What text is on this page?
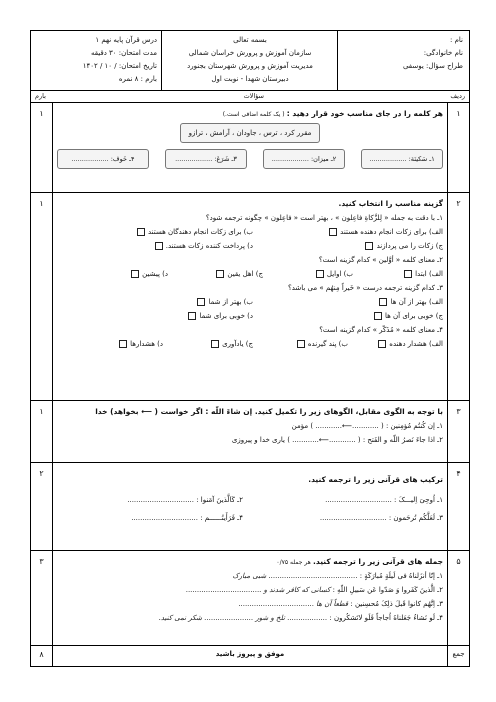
نام :
نام خانوادگی:
طراح سؤال: یوسفی
بسمه تعالی
سازمان آموزش و پرورش خراسان شمالی
مدیریت آموزش و پرورش شهرستان بجنورد
دبیرستان شهدا - نوبت اول
درس قرآن پایه نهم ۱
مدت امتحان: ۳۰ دقیقه
تاریخ امتحان: / ۱۰ / ۱۴۰۲
بارم : ۸ نمره
ردیف
سؤالات
بارم
۱
۱	هر کلمه را در جای مناسب خود قرار دهید : ( یک کلمه اضافی است.)
مقرر کرد ، ترس ، جاودان ، آرامش ، ترازو
۱ـ سَکینَة: ..................
۲ـ میزان: ..................
۳ـ شَرَعَ: ..................
۴ـ خَوف: ..................
۲
۱	گزینه مناسب را انتخاب کنید.
۱ـ با دقت به جمله « لِلزَّکاةِ فاعِلون » ، بهتر است « فاعِلون » چگونه ترجمه شود؟
الف) برای زکات انجام دهنده هستند
ب) برای زکات انجام دهندگان هستند
ج) زکات را می پردازند
د) پرداخت کننده زکات هستند.
۲ـ معنای کلمه « أوَّلین » کدام گزینه است؟
الف) ابتدا
ب) اوایل
ج) اهل یقین
د) پیشین
۳ـ کدام گزینه ترجمه درست « خَیراً مِنهُم » می باشد؟
الف) بهتر از آن ها
ب) بهتر از شما
ج) خوبی برای آن ها
د) خوبی برای شما
۴ـ معنای کلمه « مُذَکّر » کدام گزینه است؟
الف) هشدار دهنده
ب) پند گیرنده
ج) یادآوری
د) هشدارها
۳
۱	با توجه به الگوی مقابل، الگوهای زیر را تکمیل کنید. إن شاءَ اللّه : اگر خواست ( ⟵ بخواهد) خدا
۱ـ إن کُنتُم مُؤمِنین : ( ............⟵............ ) مؤمن
۲ـ اذا جاءَ نَصرُ اللّه و الفَتح : ( ............⟵............ ) یاری خدا و پیروزی
۴
۲
ترکیب های قرآنی زیر را ترجمه کنید.
۱ـ اُوحِیَ اِلیـــکَ : ..............................
۲ـ کَالَّذینَ آمَنوا : ..............................
۳ـ لَعَلَّکُم تُرحَمون : ..............................
۴ـ فَرَأَیتُــــــم : ..............................
۵
۳	جمله های قرآنی زیر را ترجمه کنید. هر جمله ۰/۷۵
۱ـ إنّا أنزَلناهُ فی لَیلَةٍ مُبارَکَةٍ : ........................................ شبی مبارک
۲ـ الَّذینَ کَفَروا وَ صَدّوا عَن سَبیلِ اللّهِ : کسانی که کافر شدند و ..................................
۳ـ اِنَّهُم کانوا قَبلَ ذلِکَ مُحسِنین : قطعاً آن ها ..................................
۴ـ لَو نَشاءُ جَعَلناهُ اُجاجاً فَلَو لاتَشکُرون : .................. تلخ و شور ...................... شکر نمی کنید.
جمع
۸	موفق و پیروز باشید
